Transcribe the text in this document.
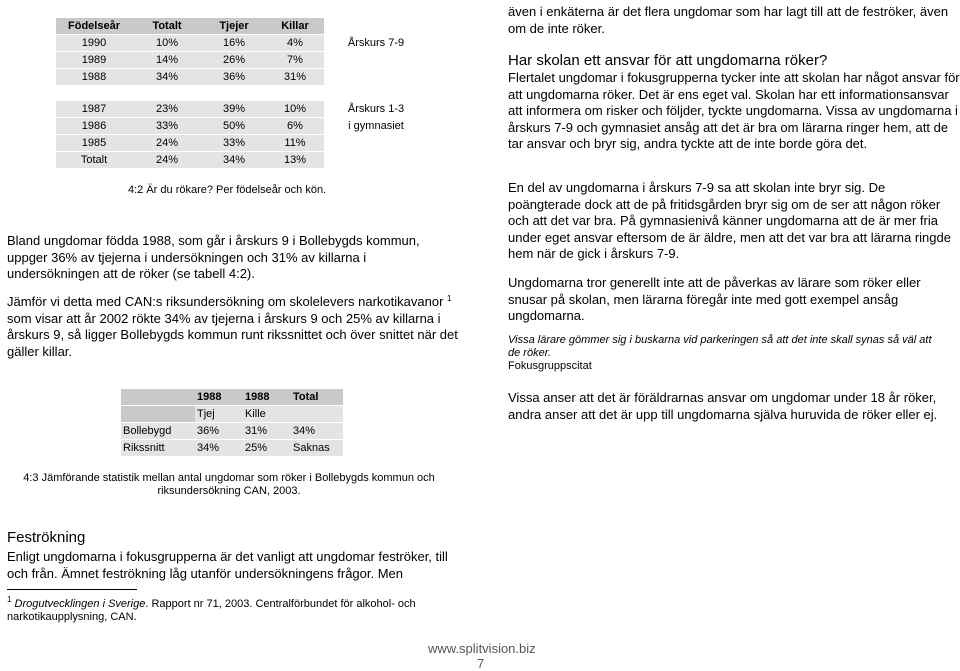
Födelseår	Totalt	Tjejer	Killar	
1990	10%	16%	4%	Årskurs 7-9
1989	14%	26%	7%	
1988	34%	36%	31%	

1987	23%	39%	10%	Årskurs 1-3
1986	33%	50%	6%	i gymnasiet
1985	24%	33%	11%	
Totalt	24%	34%	13%	
4:2 Är du rökare? Per födelseår och kön.
Bland ungdomar födda 1988, som går i årskurs 9 i Bollebygds kommun, uppger 36% av tjejerna i undersökningen och 31% av killarna i undersökningen att de röker (se tabell 4:2).
Jämför vi detta med CAN:s riksundersökning om skolelevers narkotikavanor $^1$ som visar att år 2002 rökte 34% av tjejerna i årskurs 9 och 25% av killarna i årskurs 9, så ligger Bollebygds kommun runt rikssnittet och över snittet när det gäller killar.
	1988	1988	Total
	Tjej	Kille	
Bollebygd	36%	31%	34%
Rikssnitt	34%	25%	Saknas
4:3 Jämförande statistik mellan antal ungdomar som röker i Bollebygds kommun och riksundersökning CAN, 2003.
Feströkning
Enligt ungdomarna i fokusgrupperna är det vanligt att ungdomar feströker, till och från. Ämnet feströkning låg utanför undersökningens frågor. Men
$^1$ Drogutvecklingen i Sverige. Rapport nr 71, 2003. Centralförbundet för alkohol- och narkotikaupplysning, CAN.
även i enkäterna är det flera ungdomar som har lagt till att de feströker, även om de inte röker.
Har skolan ett ansvar för att ungdomarna röker?
Flertalet ungdomar i fokusgrupperna tycker inte att skolan har något ansvar för att ungdomarna röker. Det är ens eget val. Skolan har ett informationsansvar att informera om risker och följder, tyckte ungdomarna. Vissa av ungdomarna i årskurs 7-9 och gymnasiet ansåg att det är bra om lärarna ringer hem, att de tar ansvar och bryr sig, andra tyckte att de inte borde göra det.
En del av ungdomarna i årskurs 7-9 sa att skolan inte bryr sig. De poängterade dock att de på fritidsgården bryr sig om de ser att någon röker och att det var bra. På gymnasienivå känner ungdomarna att de är mer fria under eget ansvar eftersom de är äldre, men att det var bra att lärarna ringde hem när de gick i årskurs 7-9.
Ungdomarna tror generellt inte att de påverkas av lärare som röker eller snusar på skolan, men lärarna föregår inte med gott exempel ansåg ungdomarna.
Vissa lärare gömmer sig i buskarna vid parkeringen så att det inte skall synas så väl att de röker.
Fokusgruppscitat
Vissa anser att det är föräldrarnas ansvar om ungdomar under 18 år röker, andra anser att det är upp till ungdomarna själva huruvida de röker eller ej.
www.splitvision.biz
7
